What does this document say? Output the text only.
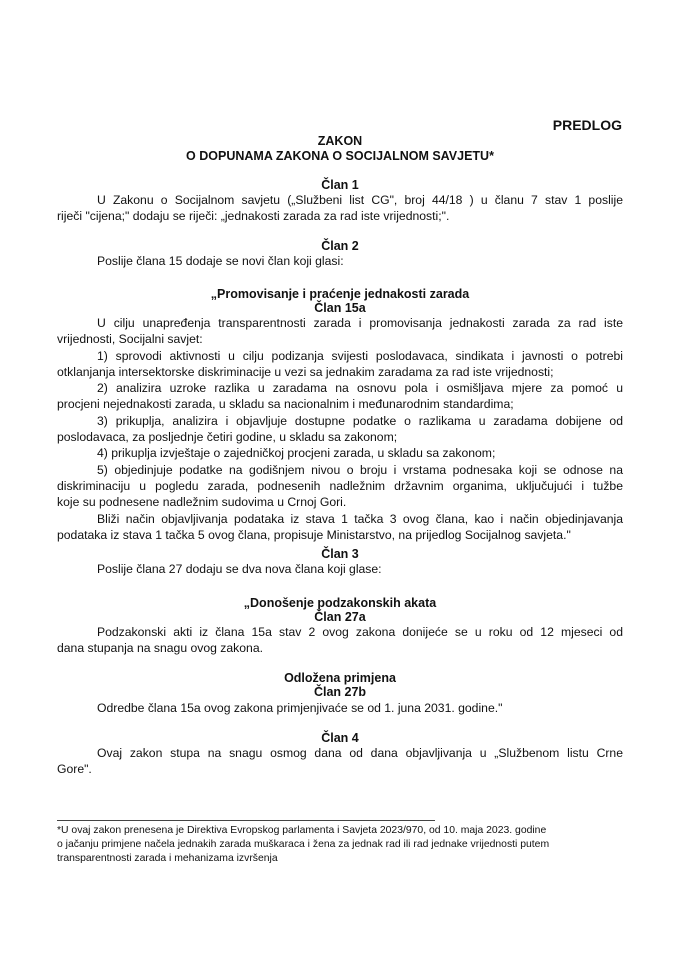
PREDLOG
ZAKON
O DOPUNAMA ZAKONA O SOCIJALNOM SAVJETU*
Član 1
U Zakonu o Socijalnom savjetu („Službeni list CG", broj 44/18 ) u članu 7 stav 1 poslije
riječi "cijena;" dodaju se riječi: „jednakosti zarada za rad iste vrijednosti;".
Član 2
Poslije člana 15 dodaje se novi član koji glasi:
„Promovisanje i praćenje jednakosti zarada
Član 15a
U cilju unapređenja transparentnosti zarada i promovisanja jednakosti zarada za rad iste
vrijednosti, Socijalni savjet:
1) sprovodi aktivnosti u cilju podizanja svijesti poslodavaca, sindikata i javnosti o potrebi
otklanjanja intersektorske diskriminacije u vezi sa jednakim zaradama za rad iste vrijednosti;
2) analizira uzroke razlika u zaradama na osnovu pola i osmišljava mjere za pomoć u
procjeni nejednakosti zarada, u skladu sa nacionalnim i međunarodnim standardima;
3) prikuplja, analizira i objavljuje dostupne podatke o razlikama u zaradama dobijene od
poslodavaca, za posljednje četiri godine, u skladu sa zakonom;
4) prikuplja izvještaje o zajedničkoj procjeni zarada, u skladu sa zakonom;
5) objedinjuje podatke na godišnjem nivou o broju i vrstama podnesaka koji se odnose na
diskriminaciju u pogledu zarada, podnesenih nadležnim državnim organima, uključujući i tužbe
koje su podnesene nadležnim sudovima u Crnoj Gori.
Bliži način objavljivanja podataka iz stava 1 tačka 3 ovog člana, kao i način objedinjavanja
podataka iz stava 1 tačka 5 ovog člana, propisuje Ministarstvo, na prijedlog Socijalnog savjeta."
Član 3
Poslije člana 27 dodaju se dva nova člana koji glase:
„Donošenje podzakonskih akata
Član 27a
Podzakonski akti iz člana 15a stav 2 ovog zakona donijeće se u roku od 12 mjeseci od
dana stupanja na snagu ovog zakona.
Odložena primjena
Član 27b
Odredbe člana 15a ovog zakona primjenjivaće se od 1. juna 2031. godine."
Član 4
Ovaj zakon stupa na snagu osmog dana od dana objavljivanja u „Službenom listu Crne
Gore".
*U ovaj zakon prenesena je Direktiva Evropskog parlamenta i Savjeta 2023/970, od 10. maja 2023. godine
o jačanju primjene načela jednakih zarada muškaraca i žena za jednak rad ili rad jednake vrijednosti putem
transparentnosti zarada i mehanizama izvršenja
